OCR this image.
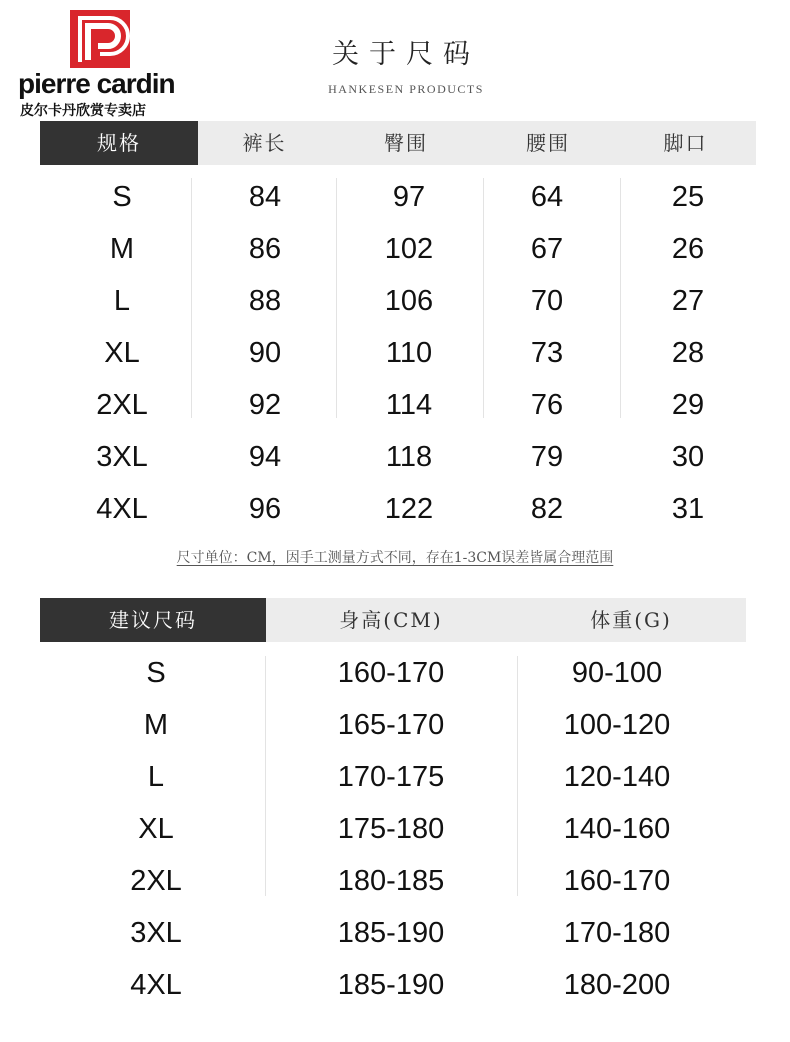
pierre cardin
皮尔卡丹欣赏专卖店
关于尺码
HANKESEN PRODUCTS
规格	裤长	臀围	腰围	脚口
S	84	97	64	25
M	86	102	67	26
L	88	106	70	27
XL	90	110	73	28
2XL	92	114	76	29
3XL	94	118	79	30
4XL	96	122	82	31
尺寸单位：CM，因手工测量方式不同，存在1-3CM误差皆属合理范围
建议尺码	身高(CM)	体重(G)
S	160-170	90-100
M	165-170	100-120
L	170-175	120-140
XL	175-180	140-160
2XL	180-185	160-170
3XL	185-190	170-180
4XL	185-190	180-200
